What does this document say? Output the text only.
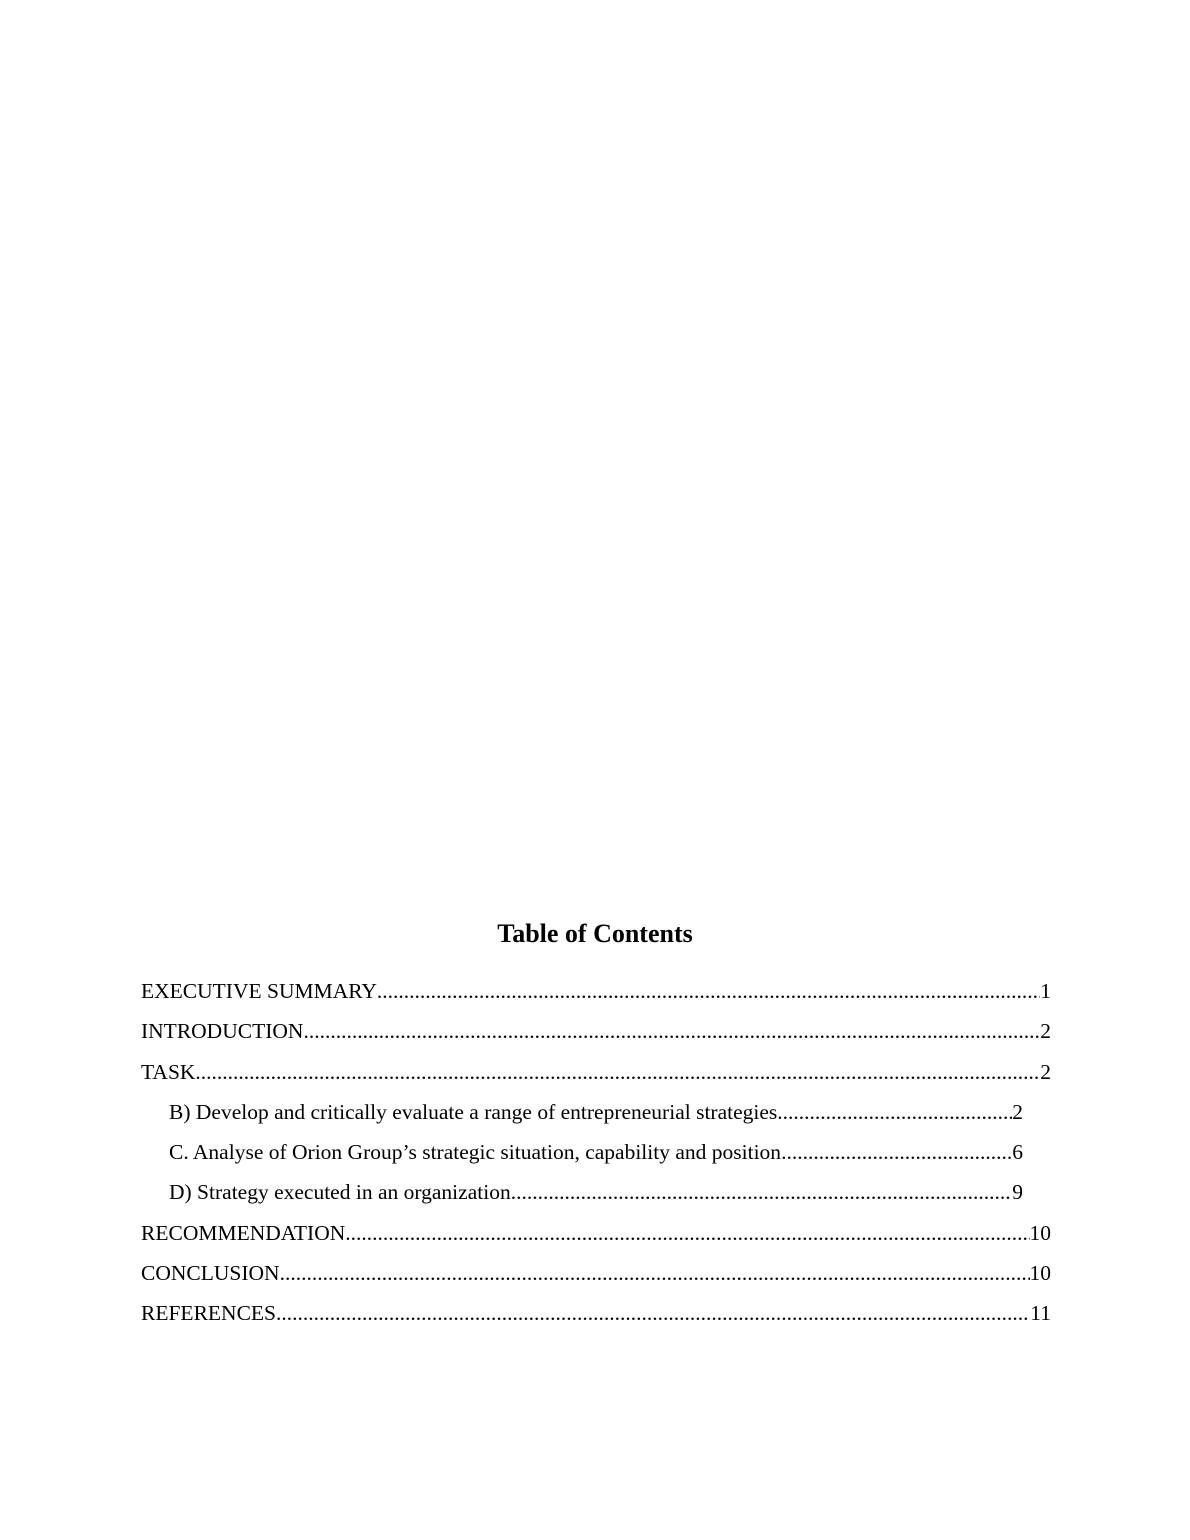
Table of Contents
EXECUTIVE SUMMARY .....	1
INTRODUCTION .....	2
TASK .....	2
B) Develop and critically evaluate a range of entrepreneurial strategies .....	2
C. Analyse of Orion Group’s strategic situation, capability and position .....	6
D) Strategy executed in an organization .....	9
RECOMMENDATION .....	10
CONCLUSION .....	10
REFERENCES .....	11
